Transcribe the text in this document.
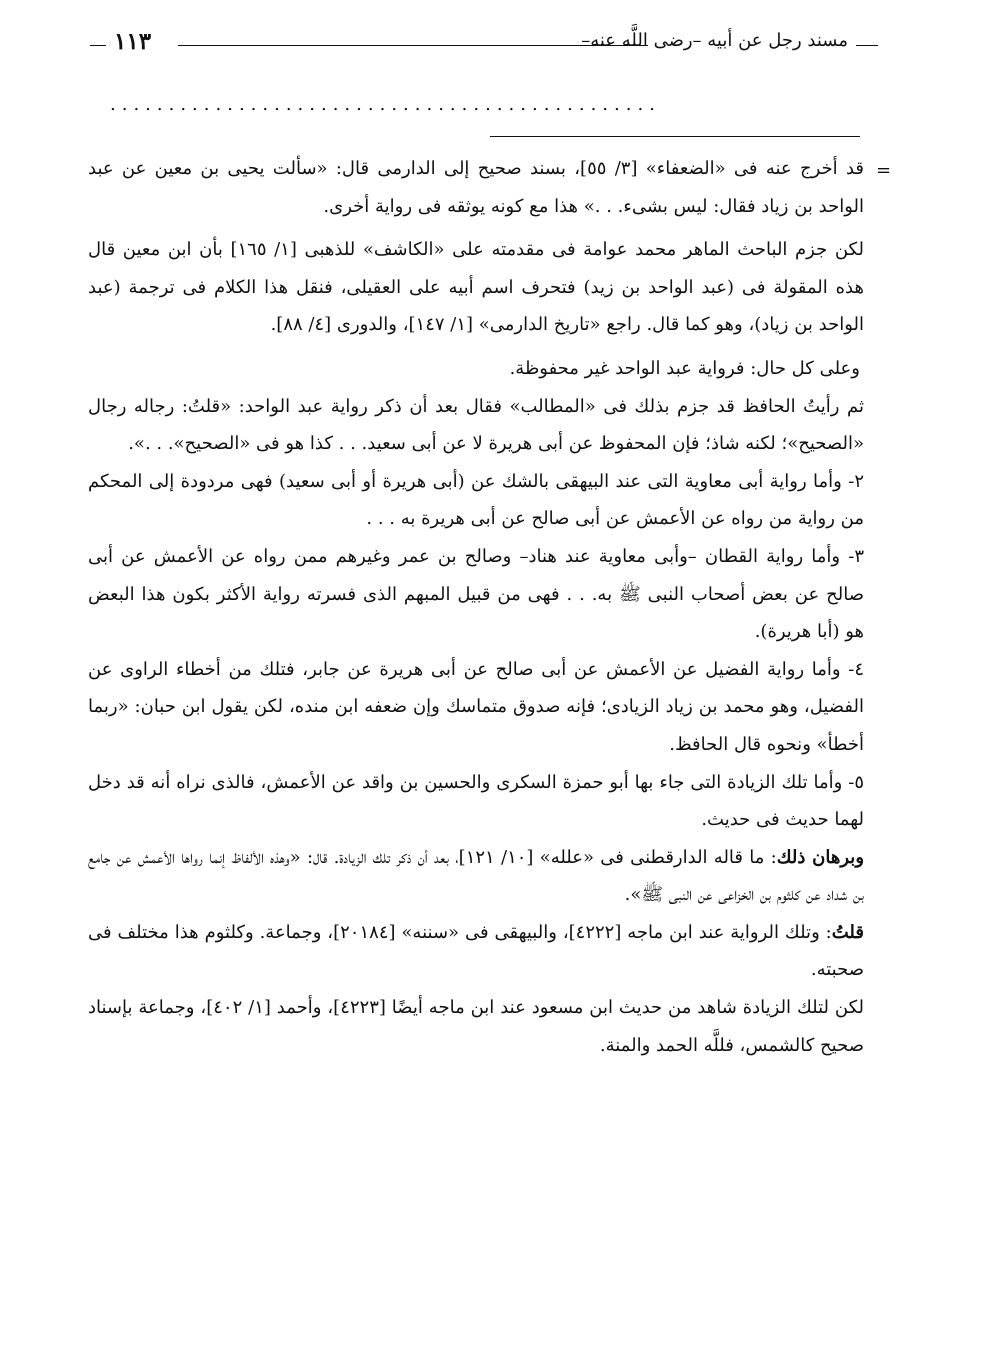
مسند رجل عن أبيه –رضى اللَّه عنه–
١١٣
...............................................
=

قد أخرج عنه فى «الضعفاء» [٣/ ٥٥]، بسند صحيح إلى الدارمى قال: «سألت يحيى بن معين عن عبد الواحد بن زياد فقال: ليس بشىء. . .» هذا مع كونه يوثقه فى رواية أخرى.

لكن جزم الباحث الماهر محمد عوامة فى مقدمته على «الكاشف» للذهبى [١/ ١٦٥] بأن ابن معين قال هذه المقولة فى (عبد الواحد بن زيد) فتحرف اسم أبيه على العقيلى، فنقل هذا الكلام فى ترجمة (عبد الواحد بن زياد)، وهو كما قال. راجع «تاريخ الدارمى» [١/ ١٤٧]، والدورى [٤/ ٨٨].

وعلى كل حال: فرواية عبد الواحد غير محفوظة.

ثم رأيتُ الحافظ قد جزم بذلك فى «المطالب» فقال بعد أن ذكر رواية عبد الواحد: «قلتُ: رجاله رجال «الصحيح»؛ لكنه شاذ؛ فإن المحفوظ عن أبى هريرة لا عن أبى سعيد. . . كذا هو فى «الصحيح». . .».

٢- وأما رواية أبى معاوية التى عند البيهقى بالشك عن (أبى هريرة أو أبى سعيد) فهى مردودة إلى المحكم من رواية من رواه عن الأعمش عن أبى صالح عن أبى هريرة به . . .

٣- وأما رواية القطان –وأبى معاوية عند هناد– وصالح بن عمر وغيرهم ممن رواه عن الأعمش عن أبى صالح عن بعض أصحاب النبى ﷺ به. . . فهى من قبيل المبهم الذى فسرته رواية الأكثر بكون هذا البعض هو (أبا هريرة).

٤- وأما رواية الفضيل عن الأعمش عن أبى صالح عن أبى هريرة عن جابر، فتلك من أخطاء الراوى عن الفضيل، وهو محمد بن زياد الزيادى؛ فإنه صدوق متماسك وإن ضعفه ابن منده، لكن يقول ابن حبان: «ربما أخطأ» ونحوه قال الحافظ.

٥- وأما تلك الزيادة التى جاء بها أبو حمزة السكرى والحسين بن واقد عن الأعمش، فالذى نراه أنه قد دخل لهما حديث فى حديث.

وبرهان ذلك: ما قاله الدارقطنى فى «علله» [١٠/ ١٢١]، بعد أن ذكر تلك الزيادة. قال: «وهذه الألفاظ إنما رواها الأعمش عن جامع بن شداد عن كلثوم بن الخزاعى عن النبى ﷺ».

قلتُ: وتلك الرواية عند ابن ماجه [٤٢٢٢]، والبيهقى فى «سننه» [٢٠١٨٤]، وجماعة. وكلثوم هذا مختلف فى صحبته.

لكن لتلك الزيادة شاهد من حديث ابن مسعود عند ابن ماجه أيضًا [٤٢٢٣]، وأحمد [١/ ٤٠٢]، وجماعة بإسناد صحيح كالشمس، فللَّه الحمد والمنة.
